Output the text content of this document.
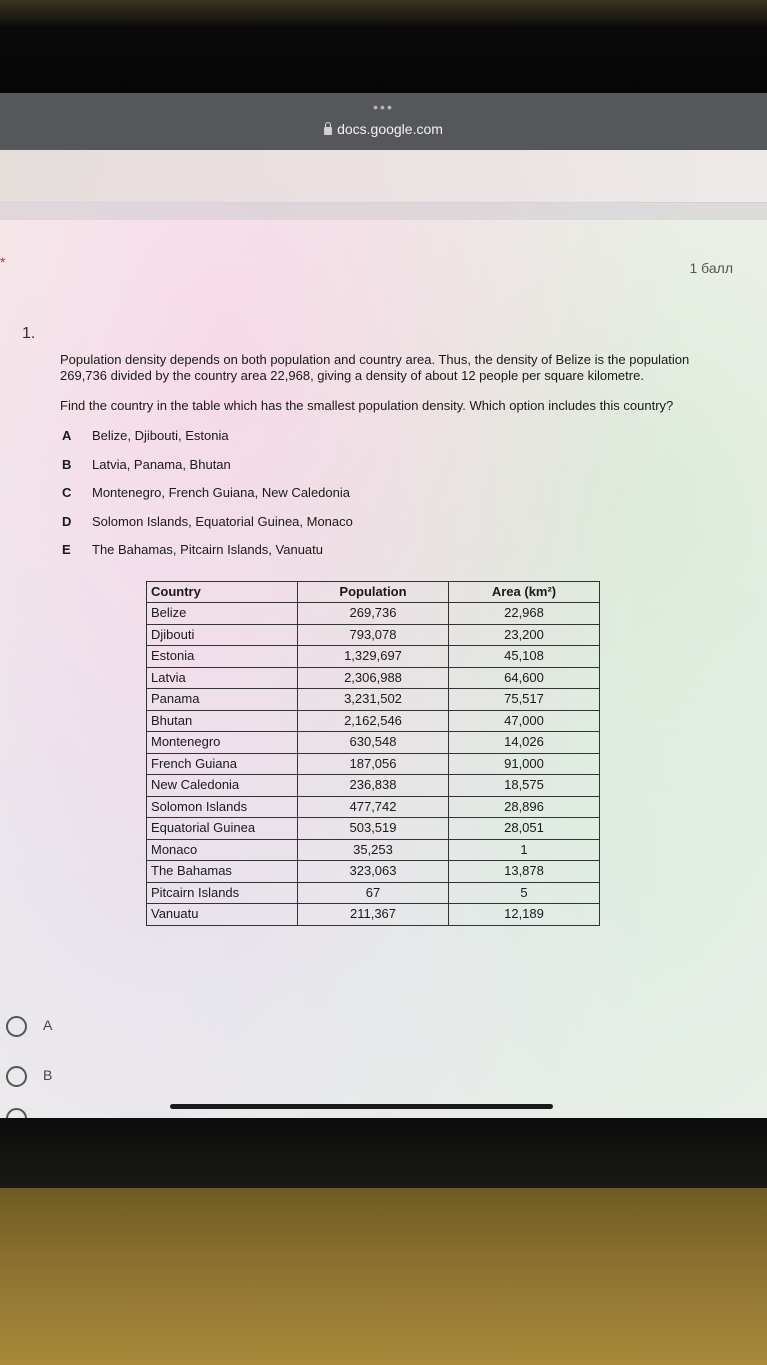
•••
docs.google.com
*	1 балл
1.

Population density depends on both population and country area. Thus, the density of Belize is the population 269,736 divided by the country area 22,968, giving a density of about 12 people per square kilometre.

Find the country in the table which has the smallest population density. Which option includes this country?

A Belize, Djibouti, Estonia
B Latvia, Panama, Bhutan
C Montenegro, French Guiana, New Caledonia
D Solomon Islands, Equatorial Guinea, Monaco
E The Bahamas, Pitcairn Islands, Vanuatu
Country	Population	Area (km²)
Belize	269,736	22,968
Djibouti	793,078	23,200
Estonia	1,329,697	45,108
Latvia	2,306,988	64,600
Panama	3,231,502	75,517
Bhutan	2,162,546	47,000
Montenegro	630,548	14,026
French Guiana	187,056	91,000
New Caledonia	236,838	18,575
Solomon Islands	477,742	28,896
Equatorial Guinea	503,519	28,051
Monaco	35,253	1
The Bahamas	323,063	13,878
Pitcairn Islands	67	5
Vanuatu	211,367	12,189
A
B
